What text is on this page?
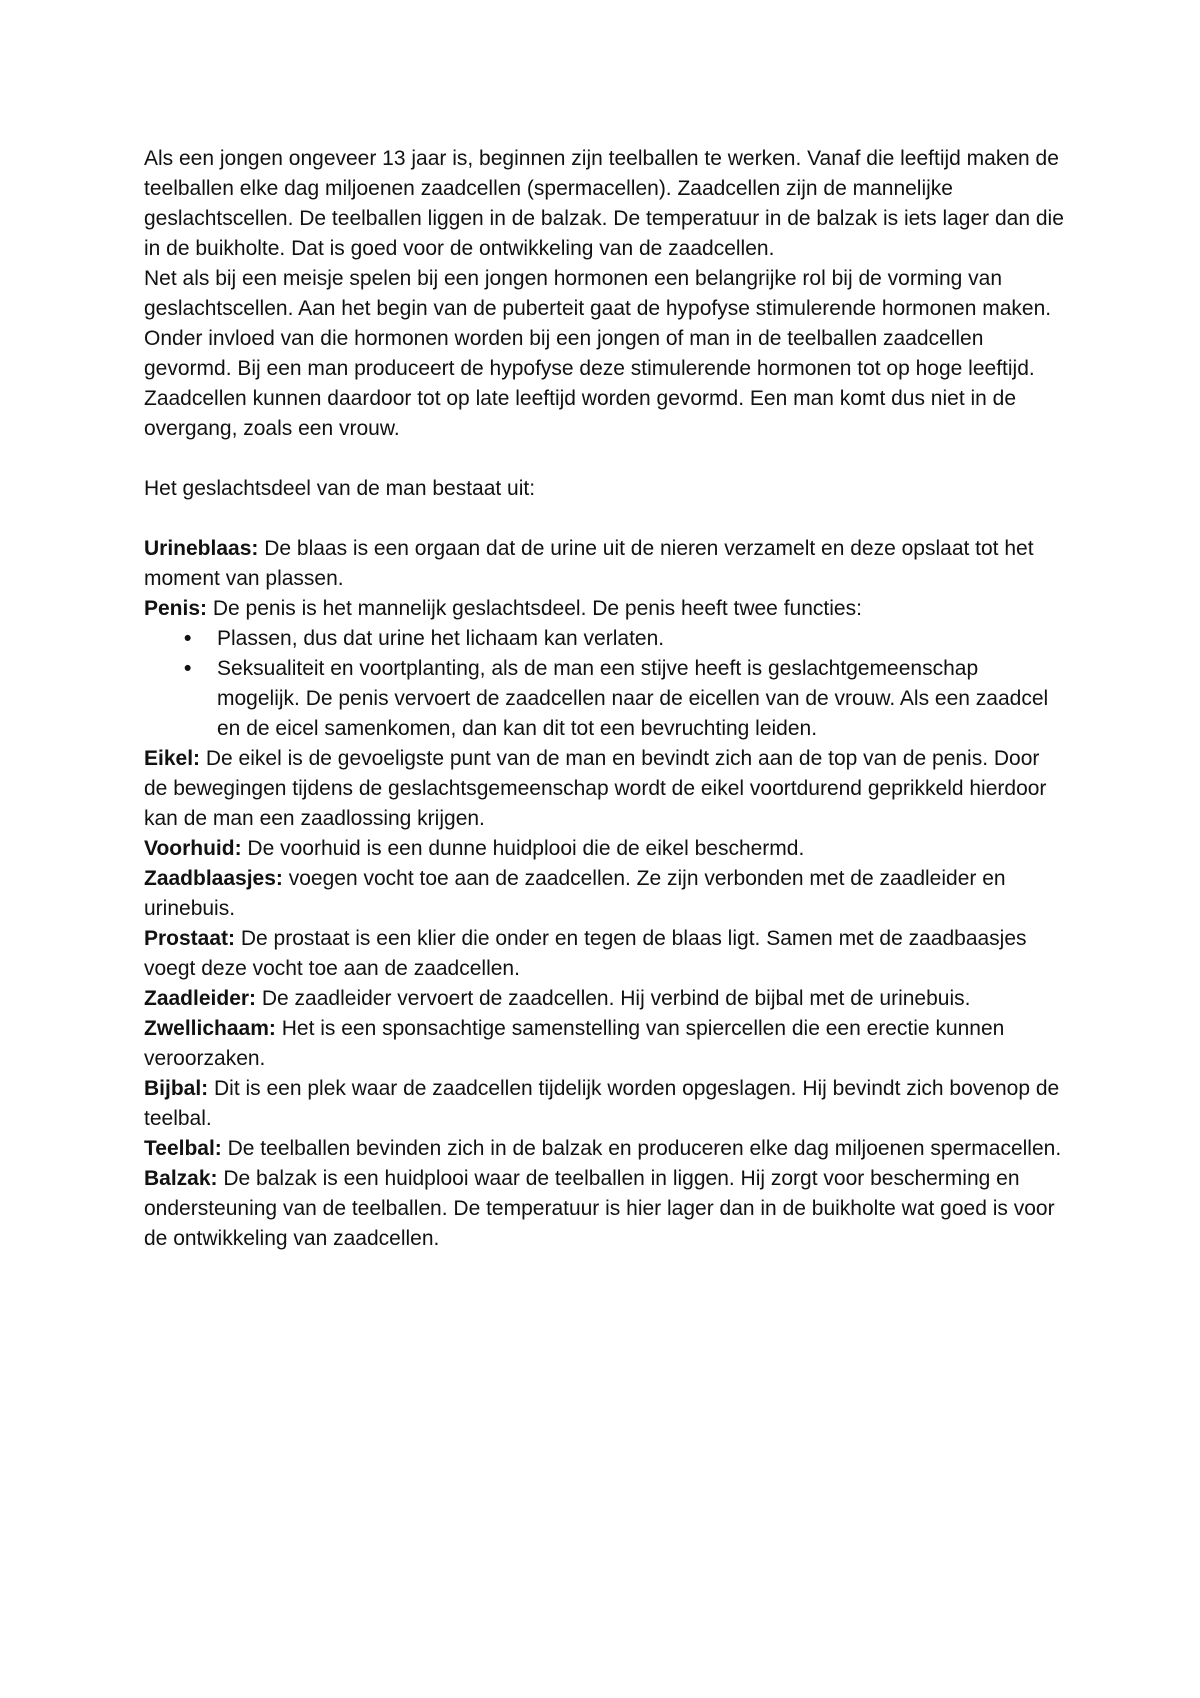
Als een jongen ongeveer 13 jaar is, beginnen zijn teelballen te werken. Vanaf die leeftijd maken de teelballen elke dag miljoenen zaadcellen (spermacellen). Zaadcellen zijn de mannelijke geslachtscellen. De teelballen liggen in de balzak. De temperatuur in de balzak is iets lager dan die in de buikholte. Dat is goed voor de ontwikkeling van de zaadcellen.

Net als bij een meisje spelen bij een jongen hormonen een belangrijke rol bij de vorming van geslachtscellen. Aan het begin van de puberteit gaat de hypofyse stimulerende hormonen maken. Onder invloed van die hormonen worden bij een jongen of man in de teelballen zaadcellen gevormd. Bij een man produceert de hypofyse deze stimulerende hormonen tot op hoge leeftijd. Zaadcellen kunnen daardoor tot op late leeftijd worden gevormd. Een man komt dus niet in de overgang, zoals een vrouw.

Het geslachtsdeel van de man bestaat uit:

Urineblaas: De blaas is een orgaan dat de urine uit de nieren verzamelt en deze opslaat tot het moment van plassen.

Penis: De penis is het mannelijk geslachtsdeel. De penis heeft twee functies:

• Plassen, dus dat urine het lichaam kan verlaten.
• Seksualiteit en voortplanting, als de man een stijve heeft is geslachtgemeenschap mogelijk. De penis vervoert de zaadcellen naar de eicellen van de vrouw. Als een zaadcel en de eicel samenkomen, dan kan dit tot een bevruchting leiden.

Eikel: De eikel is de gevoeligste punt van de man en bevindt zich aan de top van de penis. Door de bewegingen tijdens de geslachtsgemeenschap wordt de eikel voortdurend geprikkeld hierdoor kan de man een zaadlossing krijgen.

Voorhuid: De voorhuid is een dunne huidplooi die de eikel beschermd.

Zaadblaasjes: voegen vocht toe aan de zaadcellen. Ze zijn verbonden met de zaadleider en urinebuis.

Prostaat: De prostaat is een klier die onder en tegen de blaas ligt. Samen met de zaadbaasjes voegt deze vocht toe aan de zaadcellen.

Zaadleider: De zaadleider vervoert de zaadcellen. Hij verbind de bijbal met de urinebuis.

Zwellichaam: Het is een sponsachtige samenstelling van spiercellen die een erectie kunnen veroorzaken.

Bijbal: Dit is een plek waar de zaadcellen tijdelijk worden opgeslagen. Hij bevindt zich bovenop de teelbal.

Teelbal: De teelballen bevinden zich in de balzak en produceren elke dag miljoenen spermacellen.

Balzak: De balzak is een huidplooi waar de teelballen in liggen. Hij zorgt voor bescherming en ondersteuning van de teelballen. De temperatuur is hier lager dan in de buikholte wat goed is voor de ontwikkeling van zaadcellen.
